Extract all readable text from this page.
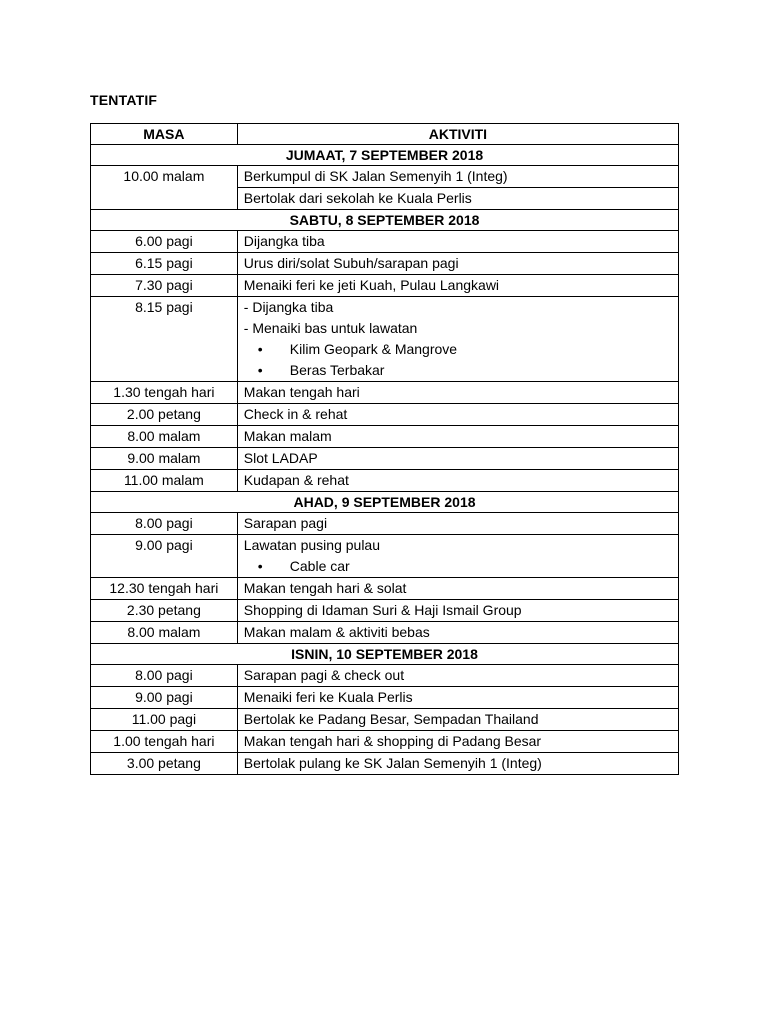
TENTATIF
MASA	AKTIVITI
JUMAAT, 7 SEPTEMBER 2018	
10.00 malam	Berkumpul di SK Jalan Semenyih 1 (Integ)

	Bertolak dari sekolah ke Kuala Perlis

SABTU, 8 SEPTEMBER 2018	
6.00 pagi	Dijangka tiba

6.15 pagi	Urus diri/solat Subuh/sarapan pagi

7.30 pagi	Menaiki feri ke jeti Kuah, Pulau Langkawi

8.15 pagi	- Dijangka tiba
- Menaiki bas untuk lawatan
• Kilim Geopark & Mangrove
• Beras Terbakar

1.30 tengah hari	Makan tengah hari

2.00 petang	Check in & rehat

8.00 malam	Makan malam

9.00 malam	Slot LADAP

11.00 malam	Kudapan & rehat

AHAD, 9 SEPTEMBER 2018	
8.00 pagi	Sarapan pagi

9.00 pagi	Lawatan pusing pulau
• Cable car

12.30 tengah hari	Makan tengah hari & solat

2.30 petang	Shopping di Idaman Suri & Haji Ismail Group

8.00 malam	Makan malam & aktiviti bebas

ISNIN, 10 SEPTEMBER 2018	
8.00 pagi	Sarapan pagi & check out

9.00 pagi	Menaiki feri ke Kuala Perlis

11.00 pagi	Bertolak ke Padang Besar, Sempadan Thailand

1.00 tengah hari	Makan tengah hari & shopping di Padang Besar

3.00 petang	Bertolak pulang ke SK Jalan Semenyih 1 (Integ)
